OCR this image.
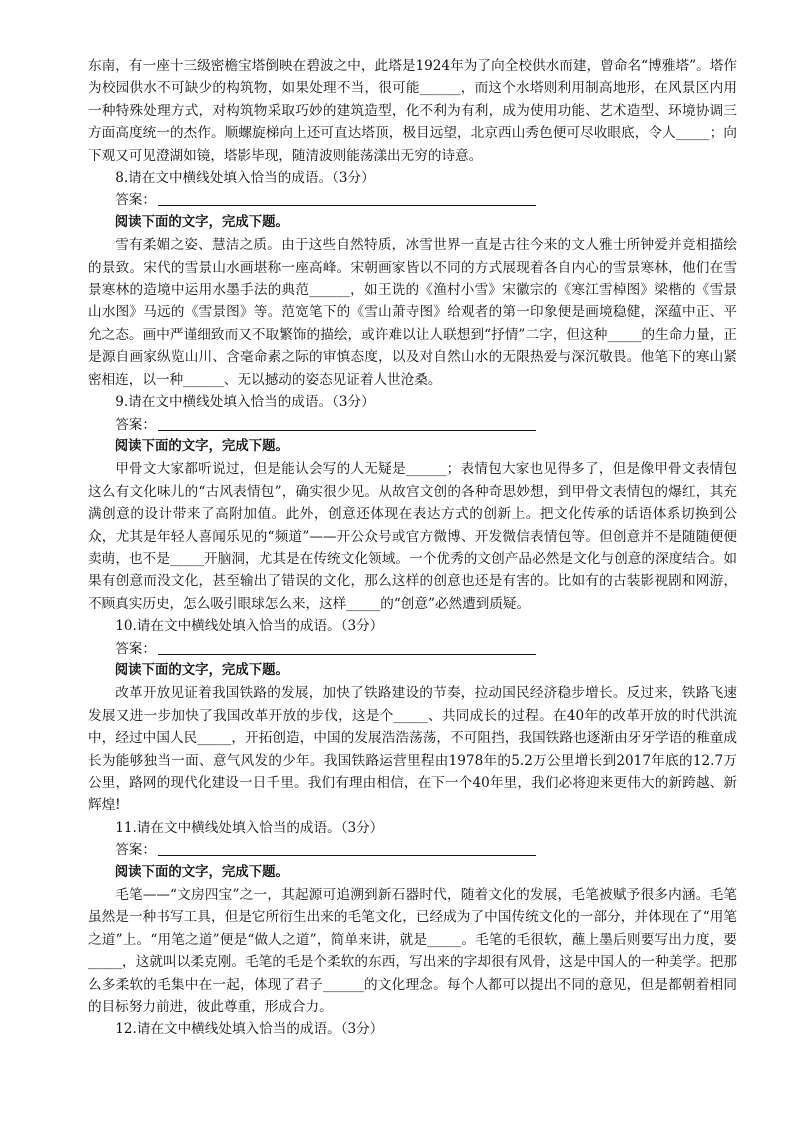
东南，有一座十三级密檐宝塔倒映在碧波之中，此塔是1924年为了向全校供水而建，曾命名“博雅塔”。塔作为校园供水不可缺少的构筑物，如果处理不当，很可能______，而这个水塔则利用制高地形，在风景区内用一种特殊处理方式，对构筑物采取巧妙的建筑造型，化不利为有利，成为使用功能、艺术造型、环境协调三方面高度统一的杰作。顺螺旋梯向上还可直达塔顶，极目远望，北京西山秀色便可尽收眼底，令人_____；向下观又可见澄湖如镜，塔影毕现，随清波则能荡漾出无穷的诗意。

8.请在文中横线处填入恰当的成语。（3分）

答案：

阅读下面的文字，完成下题。

雪有柔媚之姿、慧洁之质。由于这些自然特质，冰雪世界一直是古往今来的文人雅士所钟爱并竞相描绘的景致。宋代的雪景山水画堪称一座高峰。宋朝画家皆以不同的方式展现着各自内心的雪景寒林，他们在雪景寒林的造境中运用水墨手法的典范______，如王诜的《渔村小雪》宋徽宗的《寒江雪棹图》梁楷的《雪景山水图》马远的《雪景图》等。范宽笔下的《雪山萧寺图》给观者的第一印象便是画境稳健，深蕴中正、平允之态。画中严谨细致而又不取繁饰的描绘，或许难以让人联想到“抒情”二字，但这种_____的生命力量，正是源自画家纵览山川、含毫命素之际的审慎态度，以及对自然山水的无限热爱与深沉敬畏。他笔下的寒山紧密相连，以一种______、无以撼动的姿态见证着人世沧桑。

9.请在文中横线处填入恰当的成语。（3分）

答案：

阅读下面的文字，完成下题。

甲骨文大家都听说过，但是能认会写的人无疑是______；表情包大家也见得多了，但是像甲骨文表情包这么有文化味儿的“古风表情包”，确实很少见。从故宫文创的各种奇思妙想，到甲骨文表情包的爆红，其充满创意的设计带来了高附加值。此外，创意还体现在表达方式的创新上。把文化传承的话语体系切换到公众，尤其是年轻人喜闻乐见的“频道”——开公众号或官方微博、开发微信表情包等。但创意并不是随随便便卖萌，也不是_____开脑洞，尤其是在传统文化领域。一个优秀的文创产品必然是文化与创意的深度结合。如果有创意而没文化，甚至输出了错误的文化，那么这样的创意也还是有害的。比如有的古装影视剧和网游，不顾真实历史，怎么吸引眼球怎么来，这样_____的“创意”必然遭到质疑。

10.请在文中横线处填入恰当的成语。（3分）

答案：

阅读下面的文字，完成下题。

改革开放见证着我国铁路的发展，加快了铁路建设的节奏，拉动国民经济稳步增长。反过来，铁路飞速发展又进一步加快了我国改革开放的步伐，这是个_____、共同成长的过程。在40年的改革开放的时代洪流中，经过中国人民_____，开拓创造，中国的发展浩浩荡荡，不可阻挡，我国铁路也逐渐由牙牙学语的稚童成长为能够独当一面、意气风发的少年。我国铁路运营里程由1978年的5.2万公里增长到2017年底的12.7万公里，路网的现代化建设一日千里。我们有理由相信，在下一个40年里，我们必将迎来更伟大的新跨越、新辉煌!

11.请在文中横线处填入恰当的成语。（3分）

答案：

阅读下面的文字，完成下题。

毛笔——“文房四宝”之一，其起源可追溯到新石器时代，随着文化的发展，毛笔被赋予很多内涵。毛笔虽然是一种书写工具，但是它所衍生出来的毛笔文化，已经成为了中国传统文化的一部分，并体现在了“用笔之道”上。“用笔之道”便是“做人之道”，简单来讲，就是_____。毛笔的毛很软，蘸上墨后则要写出力度，要_____，这就叫以柔克刚。毛笔的毛是个柔软的东西，写出来的字却很有风骨，这是中国人的一种美学。把那么多柔软的毛集中在一起，体现了君子______的文化理念。每个人都可以提出不同的意见，但是都朝着相同的目标努力前进，彼此尊重，形成合力。

12.请在文中横线处填入恰当的成语。（3分）
